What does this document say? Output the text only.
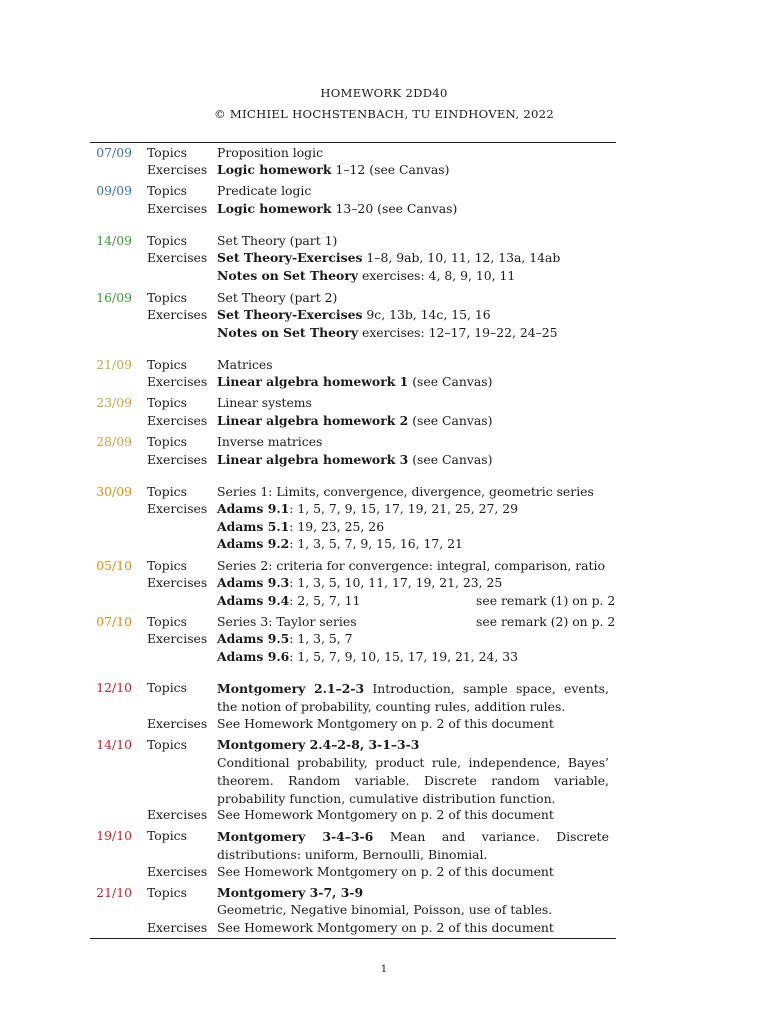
HOMEWORK 2DD40
© MICHIEL HOCHSTENBACH, TU EINDHOVEN, 2022
07/09 Topics Proposition logic
Exercises Logic homework 1–12 (see Canvas)
09/09 Topics Predicate logic
Exercises Logic homework 13–20 (see Canvas)
14/09 Topics Set Theory (part 1)
Exercises Set Theory-Exercises 1–8, 9ab, 10, 11, 12, 13a, 14ab
Notes on Set Theory exercises: 4, 8, 9, 10, 11
16/09 Topics Set Theory (part 2)
Exercises Set Theory-Exercises 9c, 13b, 14c, 15, 16
Notes on Set Theory exercises: 12–17, 19–22, 24–25
21/09 Topics Matrices
Exercises Linear algebra homework 1 (see Canvas)
23/09 Topics Linear systems
Exercises Linear algebra homework 2 (see Canvas)
28/09 Topics Inverse matrices
Exercises Linear algebra homework 3 (see Canvas)
30/09 Topics Series 1: Limits, convergence, divergence, geometric series
Exercises Adams 9.1: 1, 5, 7, 9, 15, 17, 19, 21, 25, 27, 29
Adams 5.1: 19, 23, 25, 26
Adams 9.2: 1, 3, 5, 7, 9, 15, 16, 17, 21
05/10 Topics Series 2: criteria for convergence: integral, comparison, ratio
Exercises Adams 9.3: 1, 3, 5, 10, 11, 17, 19, 21, 23, 25
Adams 9.4: 2, 5, 7, 11	see remark (1) on p. 2
07/10 Topics Series 3: Taylor series	see remark (2) on p. 2
Exercises Adams 9.5: 1, 3, 5, 7
Adams 9.6: 1, 5, 7, 9, 10, 15, 17, 19, 21, 24, 33
12/10 Topics Montgomery 2.1–2-3 Introduction, sample space, events, the notion of probability, counting rules, addition rules.
Exercises See Homework Montgomery on p. 2 of this document
14/10 Topics Montgomery 2.4–2-8, 3-1–3-3
Conditional probability, product rule, independence, Bayes’ theorem. Random variable. Discrete random variable, probability function, cumulative distribution function.
Exercises See Homework Montgomery on p. 2 of this document
19/10 Topics Montgomery 3-4–3-6 Mean and variance. Discrete distributions: uniform, Bernoulli, Binomial.
Exercises See Homework Montgomery on p. 2 of this document
21/10 Topics Montgomery 3-7, 3-9
Geometric, Negative binomial, Poisson, use of tables.
Exercises See Homework Montgomery on p. 2 of this document
1
